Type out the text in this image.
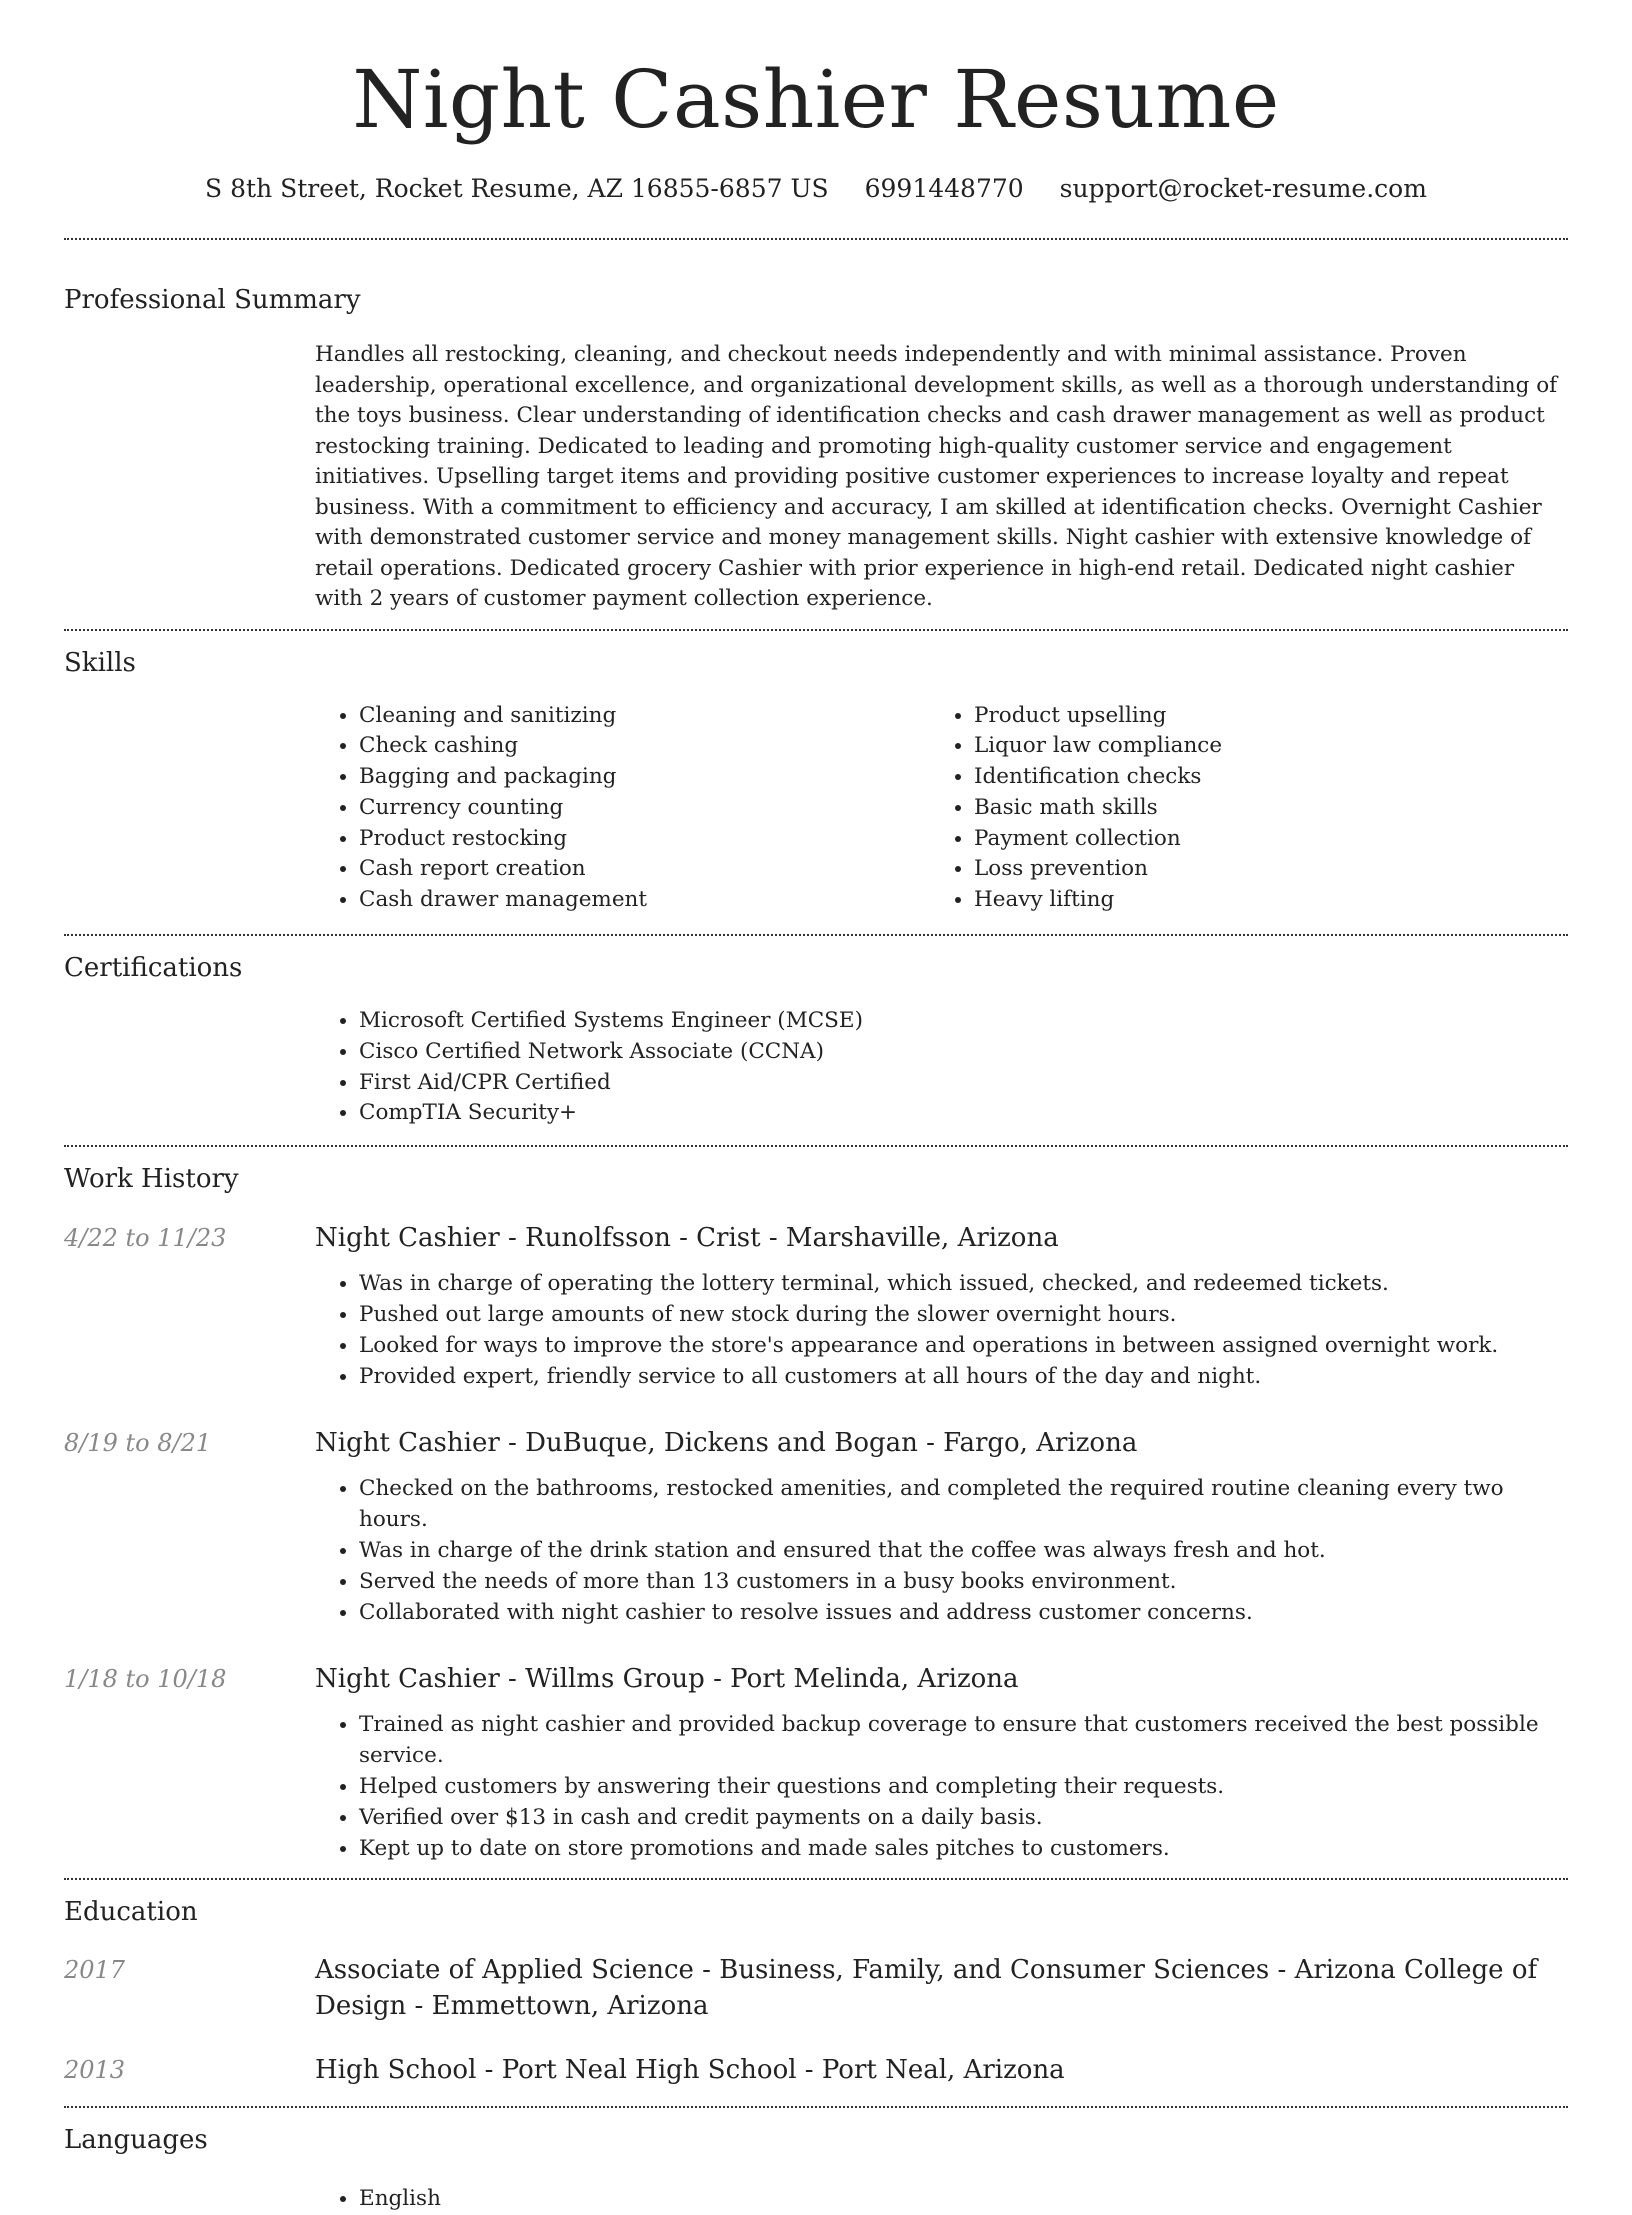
Night Cashier Resume
S 8th Street, Rocket Resume, AZ 16855-6857 US 6991448770 support@rocket-resume.com
Professional Summary

Handles all restocking, cleaning, and checkout needs independently and with minimal assistance. Proven leadership, operational excellence, and organizational development skills, as well as a thorough understanding of the toys business. Clear understanding of identification checks and cash drawer management as well as product restocking training. Dedicated to leading and promoting high-quality customer service and engagement initiatives. Upselling target items and providing positive customer experiences to increase loyalty and repeat business. With a commitment to efficiency and accuracy, I am skilled at identification checks. Overnight Cashier with demonstrated customer service and money management skills. Night cashier with extensive knowledge of retail operations. Dedicated grocery Cashier with prior experience in high-end retail. Dedicated night cashier with 2 years of customer payment collection experience.

Skills
• Cleaning and sanitizing
• Check cashing
• Bagging and packaging
• Currency counting
• Product restocking
• Cash report creation
• Cash drawer management
• Product upselling
• Liquor law compliance
• Identification checks
• Basic math skills
• Payment collection
• Loss prevention
• Heavy lifting
Certifications
• Microsoft Certified Systems Engineer (MCSE)
• Cisco Certified Network Associate (CCNA)
• First Aid/CPR Certified
• CompTIA Security+
Work History
4/22 to 11/23	Night Cashier - Runolfsson - Crist - Marshaville, Arizona
• Was in charge of operating the lottery terminal, which issued, checked, and redeemed tickets.
• Pushed out large amounts of new stock during the slower overnight hours.
• Looked for ways to improve the store's appearance and operations in between assigned overnight work.
• Provided expert, friendly service to all customers at all hours of the day and night.
8/19 to 8/21	Night Cashier - DuBuque, Dickens and Bogan - Fargo, Arizona
• Checked on the bathrooms, restocked amenities, and completed the required routine cleaning every two hours.
• Was in charge of the drink station and ensured that the coffee was always fresh and hot.
• Served the needs of more than 13 customers in a busy books environment.
• Collaborated with night cashier to resolve issues and address customer concerns.
1/18 to 10/18	Night Cashier - Willms Group - Port Melinda, Arizona
• Trained as night cashier and provided backup coverage to ensure that customers received the best possible service.
• Helped customers by answering their questions and completing their requests.
• Verified over $13 in cash and credit payments on a daily basis.
• Kept up to date on store promotions and made sales pitches to customers.
Education
2017	Associate of Applied Science - Business, Family, and Consumer Sciences - Arizona College of Design - Emmettown, Arizona
2013	High School - Port Neal High School - Port Neal, Arizona
Languages
• English
